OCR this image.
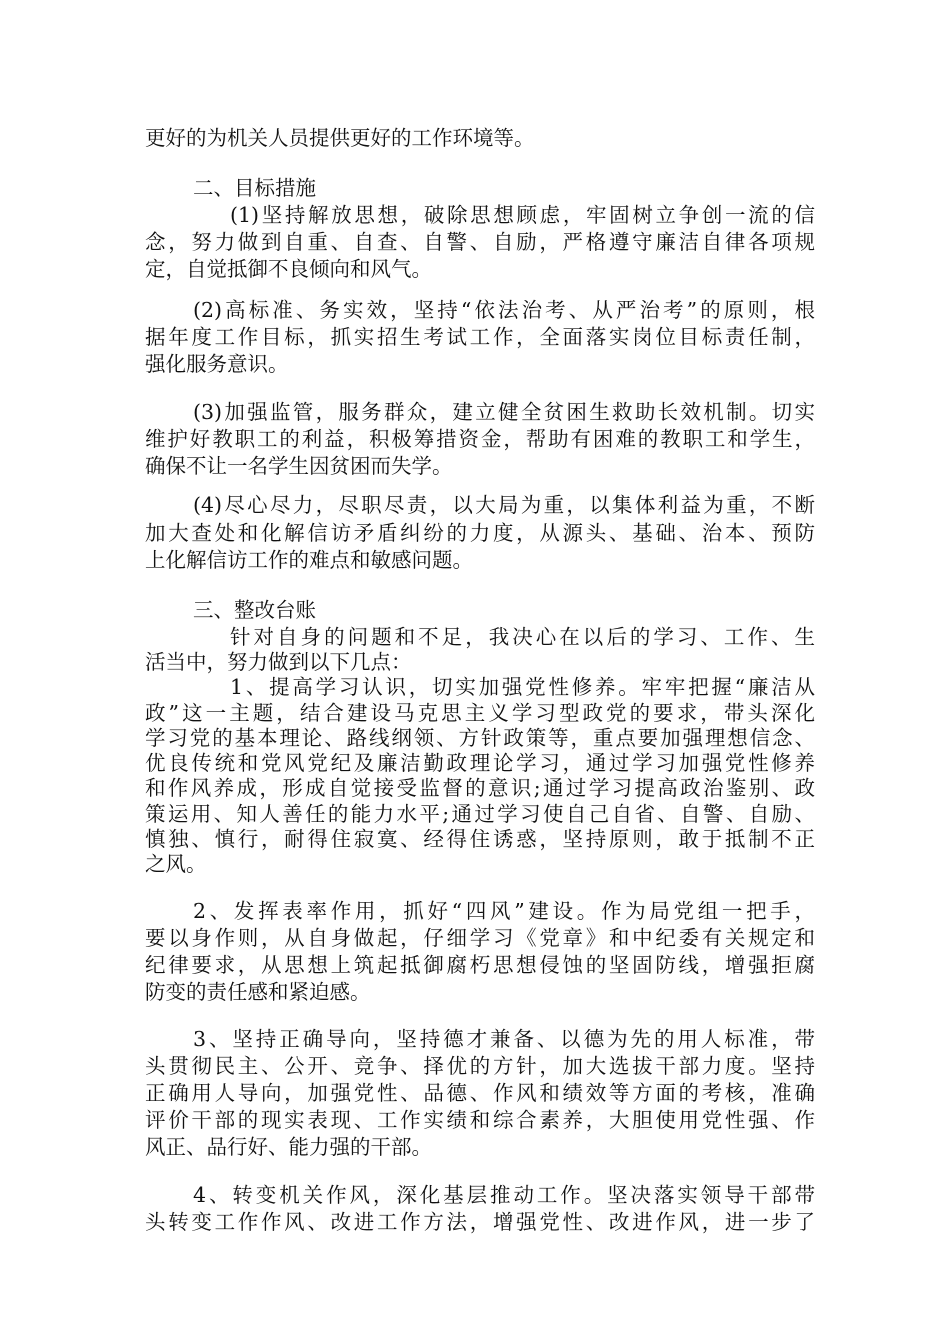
更好的为机关人员提供更好的工作环境等。
二、目标措施
(1)坚持解放思想，破除思想顾虑，牢固树立争创一流的信
念，努力做到自重、自查、自警、自励，严格遵守廉洁自律各项规
定，自觉抵御不良倾向和风气。
(2)高标准、务实效，坚持“依法治考、从严治考”的原则，根
据年度工作目标，抓实招生考试工作，全面落实岗位目标责任制，
强化服务意识。
(3)加强监管，服务群众，建立健全贫困生救助长效机制。切实
维护好教职工的利益，积极筹措资金，帮助有困难的教职工和学生，
确保不让一名学生因贫困而失学。
(4)尽心尽力，尽职尽责，以大局为重，以集体利益为重，不断
加大查处和化解信访矛盾纠纷的力度，从源头、基础、治本、预防
上化解信访工作的难点和敏感问题。
三、整改台账
针对自身的问题和不足，我决心在以后的学习、工作、生
活当中，努力做到以下几点：
1、提高学习认识，切实加强党性修养。牢牢把握“廉洁从
政”这一主题，结合建设马克思主义学习型政党的要求，带头深化
学习党的基本理论、路线纲领、方针政策等，重点要加强理想信念、
优良传统和党风党纪及廉洁勤政理论学习，通过学习加强党性修养
和作风养成，形成自觉接受监督的意识;通过学习提高政治鉴别、政
策运用、知人善任的能力水平;通过学习使自己自省、自警、自励、
慎独、慎行，耐得住寂寞、经得住诱惑，坚持原则，敢于抵制不正
之风。
2、发挥表率作用，抓好“四风”建设。作为局党组一把手，
要以身作则，从自身做起，仔细学习《党章》和中纪委有关规定和
纪律要求，从思想上筑起抵御腐朽思想侵蚀的坚固防线，增强拒腐
防变的责任感和紧迫感。
3、坚持正确导向，坚持德才兼备、以德为先的用人标准，带
头贯彻民主、公开、竞争、择优的方针，加大选拔干部力度。坚持
正确用人导向，加强党性、品德、作风和绩效等方面的考核，准确
评价干部的现实表现、工作实绩和综合素养，大胆使用党性强、作
风正、品行好、能力强的干部。
4、转变机关作风，深化基层推动工作。坚决落实领导干部带
头转变工作作风、改进工作方法，增强党性、改进作风，进一步了
